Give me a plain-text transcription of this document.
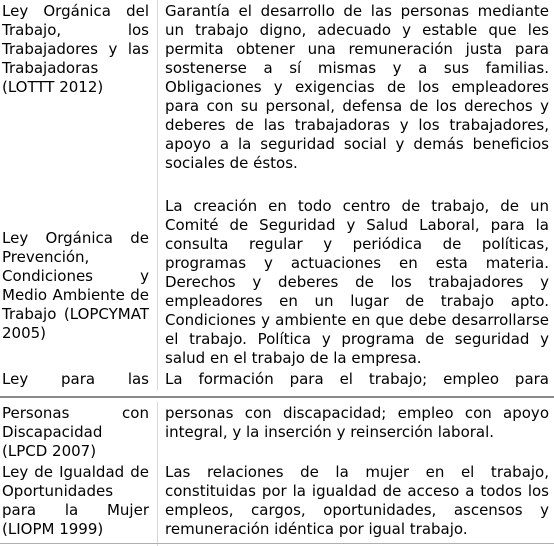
Ley Orgánica del Trabajo, los Trabajadores y las Trabajadoras (LOTTT 2012)
Garantía el desarrollo de las personas mediante un trabajo digno, adecuado y estable que les permita obtener una remuneración justa para sostenerse a sí mismas y a sus familias. Obligaciones y exigencias de los empleadores para con su personal, defensa de los derechos y deberes de las trabajadoras y los trabajadores, apoyo a la seguridad social y demás beneficios sociales de éstos.
Ley Orgánica de Prevención, Condiciones y Medio Ambiente de Trabajo (LOPCYMAT 2005)
La creación en todo centro de trabajo, de un Comité de Seguridad y Salud Laboral, para la consulta regular y periódica de políticas, programas y actuaciones en esta materia. Derechos y deberes de los trabajadores y empleadores en un lugar de trabajo apto. Condiciones y ambiente en que debe desarrollarse el trabajo. Política y programa de seguridad y salud en el trabajo de la empresa.
Ley para las La formación para el trabajo; empleo para
Personas con Discapacidad (LPCD 2007)
personas con discapacidad; empleo con apoyo integral, y la inserción y reinserción laboral.
Ley de Igualdad de Oportunidades para la Mujer (LIOPM 1999)
Las relaciones de la mujer en el trabajo, constituidas por la igualdad de acceso a todos los empleos, cargos, oportunidades, ascensos y remuneración idéntica por igual trabajo.
